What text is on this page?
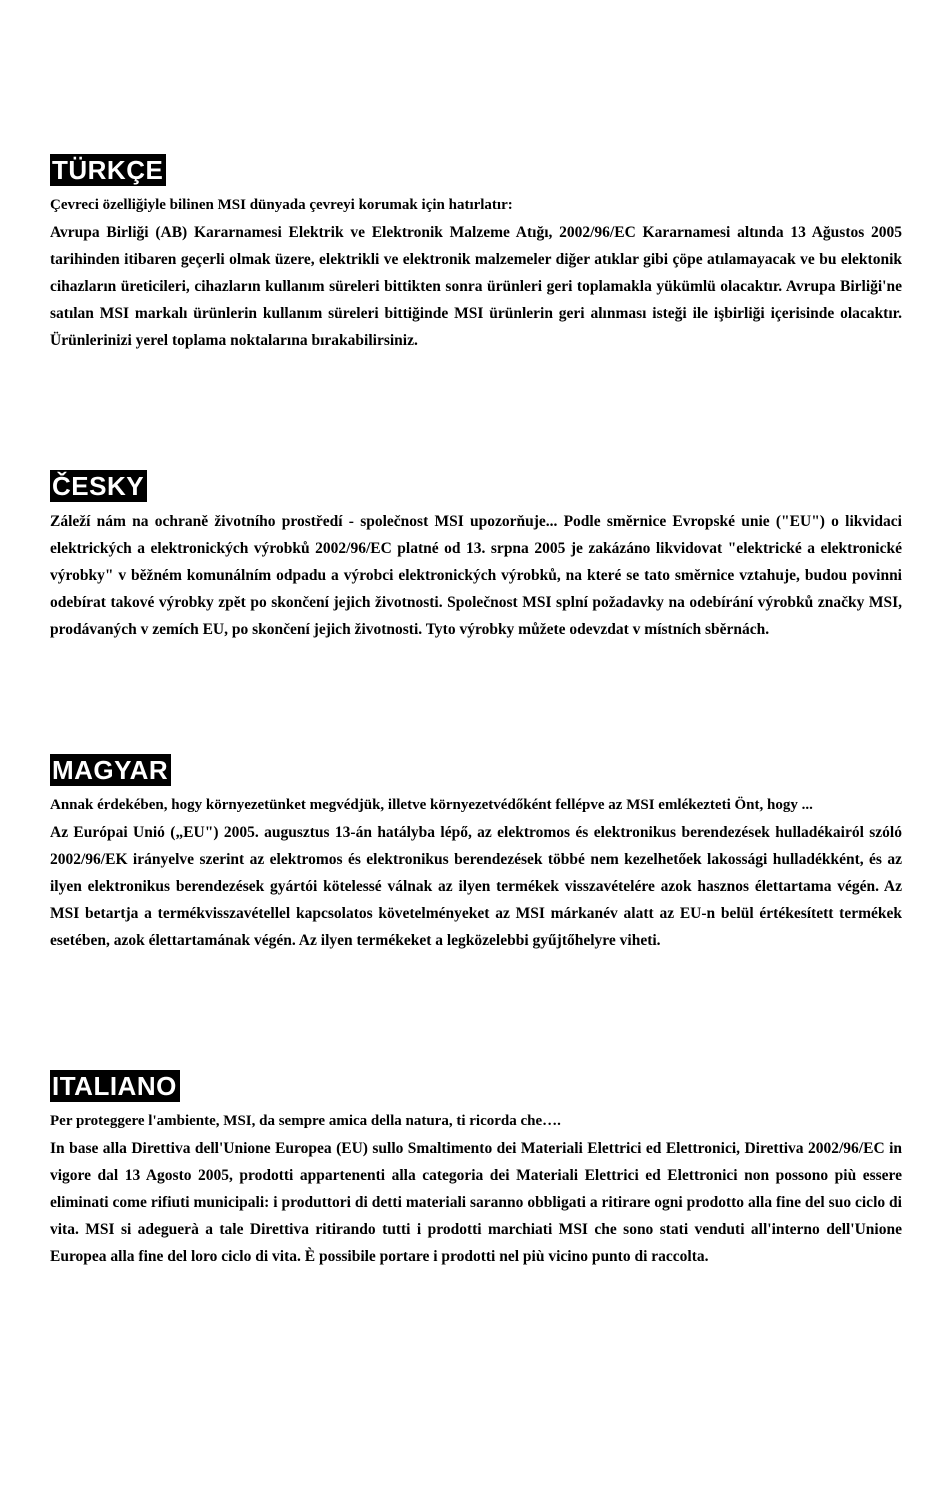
TÜRKÇE

Çevreci özelliğiyle bilinen MSI dünyada çevreyi korumak için hatırlatır:

Avrupa Birliği (AB) Kararnamesi Elektrik ve Elektronik Malzeme Atığı, 2002/96/EC Kararnamesi altında 13 Ağustos 2005 tarihinden itibaren geçerli olmak üzere, elektrikli ve elektronik malzemeler diğer atıklar gibi çöpe atılamayacak ve bu elektonik cihazların üreticileri, cihazların kullanım süreleri bittikten sonra ürünleri geri toplamakla yükümlü olacaktır. Avrupa Birliği'ne satılan MSI markalı ürünlerin kullanım süreleri bittiğinde MSI ürünlerin geri alınması isteği ile işbirliği içerisinde olacaktır. Ürünlerinizi yerel toplama noktalarına bırakabilirsiniz.

ČESKY

Záleží nám na ochraně životního prostředí - společnost MSI upozorňuje... Podle směrnice Evropské unie ("EU") o likvidaci elektrických a elektronických výrobků 2002/96/EC platné od 13. srpna 2005 je zakázáno likvidovat "elektrické a elektronické výrobky" v běžném komunálním odpadu a výrobci elektronických výrobků, na které se tato směrnice vztahuje, budou povinni odebírat takové výrobky zpět po skončení jejich životnosti. Společnost MSI splní požadavky na odebírání výrobků značky MSI, prodávaných v zemích EU, po skončení jejich životnosti. Tyto výrobky můžete odevzdat v místních sběrnách.

MAGYAR

Annak érdekében, hogy környezetünket megvédjük, illetve környezetvédőként fellépve az MSI emlékezteti Önt, hogy ...

Az Európai Unió („EU") 2005. augusztus 13-án hatályba lépő, az elektromos és elektronikus berendezések hulladékairól szóló 2002/96/EK irányelve szerint az elektromos és elektronikus berendezések többé nem kezelhetőek lakossági hulladékként, és az ilyen elektronikus berendezések gyártói kötelessé válnak az ilyen termékek visszavételére azok hasznos élettartama végén. Az MSI betartja a termékvisszavétellel kapcsolatos követelményeket az MSI márkanév alatt az EU-n belül értékesített termékek esetében, azok élettartamának végén. Az ilyen termékeket a legközelebbi gyűjtőhelyre viheti.

ITALIANO

Per proteggere l'ambiente, MSI, da sempre amica della natura, ti ricorda che….

In base alla Direttiva dell'Unione Europea (EU) sullo Smaltimento dei Materiali Elettrici ed Elettronici, Direttiva 2002/96/EC in vigore dal 13 Agosto 2005, prodotti appartenenti alla categoria dei Materiali Elettrici ed Elettronici non possono più essere eliminati come rifiuti municipali: i produttori di detti materiali saranno obbligati a ritirare ogni prodotto alla fine del suo ciclo di vita. MSI si adeguerà a tale Direttiva ritirando tutti i prodotti marchiati MSI che sono stati venduti all'interno dell'Unione Europea alla fine del loro ciclo di vita. È possibile portare i prodotti nel più vicino punto di raccolta.
